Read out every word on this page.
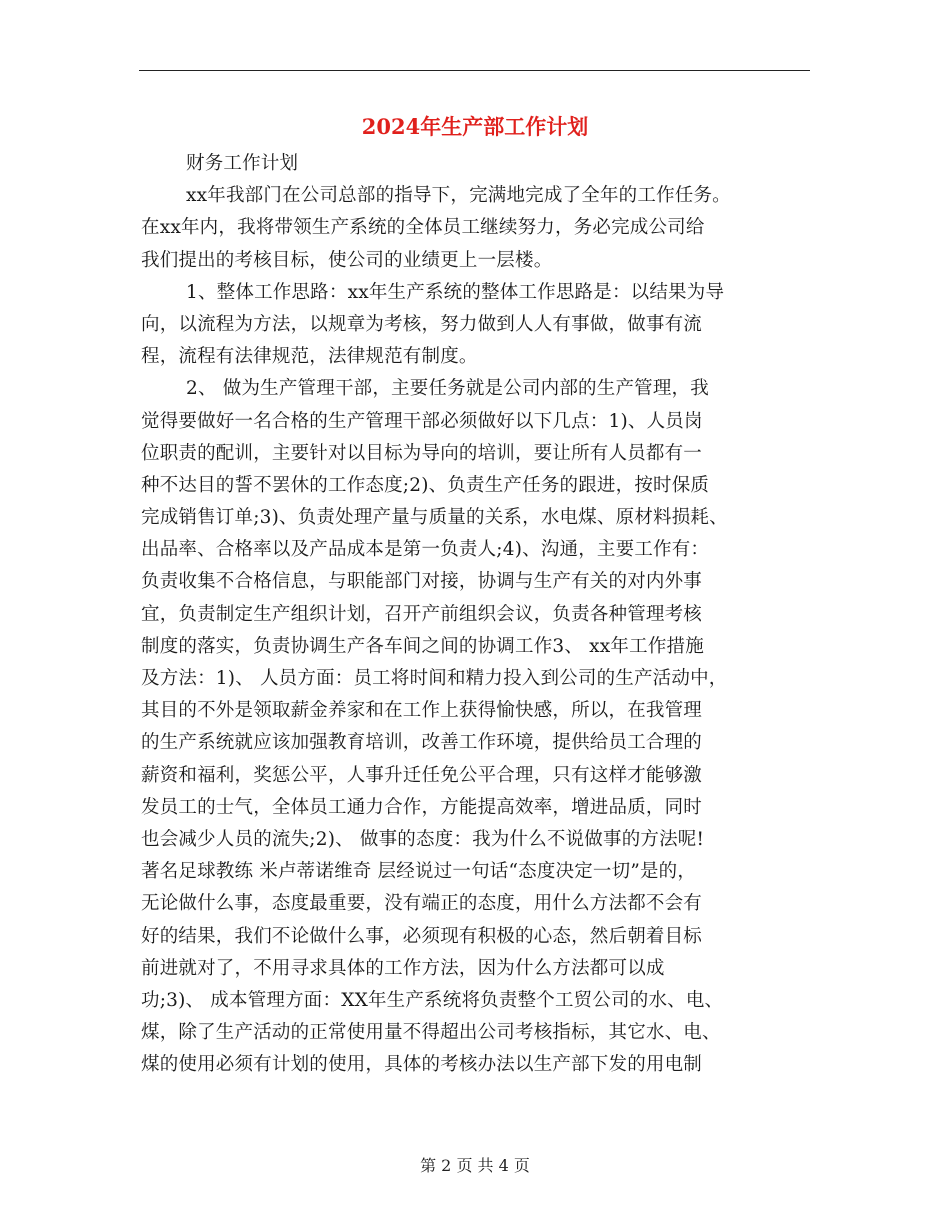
2024年生产部工作计划
财务工作计划
xx年我部门在公司总部的指导下，完满地完成了全年的工作任务。
在xx年内，我将带领生产系统的全体员工继续努力，务必完成公司给
我们提出的考核目标，使公司的业绩更上一层楼。
1、整体工作思路：xx年生产系统的整体工作思路是：以结果为导
向，以流程为方法，以规章为考核，努力做到人人有事做，做事有流
程，流程有法律规范，法律规范有制度。
2、 做为生产管理干部，主要任务就是公司内部的生产管理，我
觉得要做好一名合格的生产管理干部必须做好以下几点：1)、人员岗
位职责的配训，主要针对以目标为导向的培训，要让所有人员都有一
种不达目的誓不罢休的工作态度;2)、负责生产任务的跟进，按时保质
完成销售订单;3)、负责处理产量与质量的关系，水电煤、原材料损耗、
出品率、合格率以及产品成本是第一负责人;4)、沟通，主要工作有：
负责收集不合格信息，与职能部门对接，协调与生产有关的对内外事
宜，负责制定生产组织计划，召开产前组织会议，负责各种管理考核
制度的落实，负责协调生产各车间之间的协调工作3、 xx年工作措施
及方法：1)、 人员方面：员工将时间和精力投入到公司的生产活动中，
其目的不外是领取薪金养家和在工作上获得愉快感，所以，在我管理
的生产系统就应该加强教育培训，改善工作环境，提供给员工合理的
薪资和福利，奖惩公平，人事升迁任免公平合理，只有这样才能够激
发员工的士气，全体员工通力合作，方能提高效率，增进品质，同时
也会减少人员的流失;2)、 做事的态度：我为什么不说做事的方法呢!
著名足球教练 米卢蒂诺维奇 层经说过一句话“态度决定一切”是的，
无论做什么事，态度最重要，没有端正的态度，用什么方法都不会有
好的结果，我们不论做什么事，必须现有积极的心态，然后朝着目标
前进就对了，不用寻求具体的工作方法，因为什么方法都可以成
功;3)、 成本管理方面：XX年生产系统将负责整个工贸公司的水、电、
煤，除了生产活动的正常使用量不得超出公司考核指标，其它水、电、
煤的使用必须有计划的使用，具体的考核办法以生产部下发的用电制
第 2 页 共 4 页
